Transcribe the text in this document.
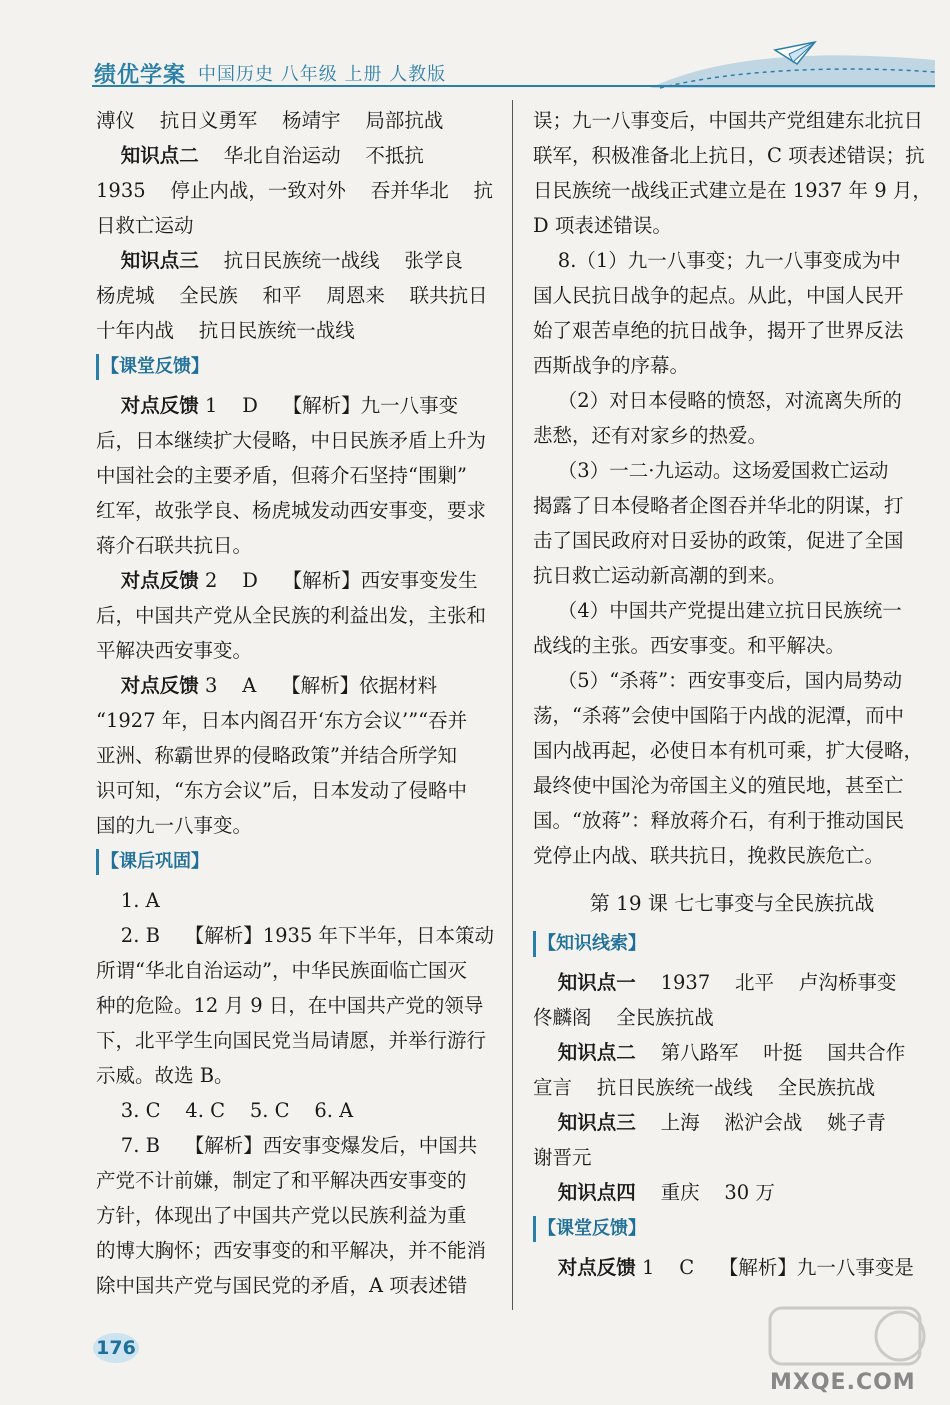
绩优学案 中国历史 八年级 上册 人教版
溥仪    抗日义勇军    杨靖宇    局部抗战
知识点二    华北自治运动    不抵抗
1935    停止内战，一致对外    吞并华北    抗
日救亡运动
知识点三    抗日民族统一战线    张学良
杨虎城    全民族    和平    周恩来    联共抗日
十年内战    抗日民族统一战线
【课堂反馈】
对点反馈 1    D    【解析】九一八事变
后，日本继续扩大侵略，中日民族矛盾上升为
中国社会的主要矛盾，但蒋介石坚持“围剿”
红军，故张学良、杨虎城发动西安事变，要求
蒋介石联共抗日。
对点反馈 2    D    【解析】西安事变发生
后，中国共产党从全民族的利益出发，主张和
平解决西安事变。
对点反馈 3    A    【解析】依据材料
“1927 年，日本内阁召开‘东方会议’”“吞并
亚洲、称霸世界的侵略政策”并结合所学知
识可知，“东方会议”后，日本发动了侵略中
国的九一八事变。
【课后巩固】
1. A
2. B    【解析】1935 年下半年，日本策动
所谓“华北自治运动”，中华民族面临亡国灭
种的危险。12 月 9 日，在中国共产党的领导
下，北平学生向国民党当局请愿，并举行游行
示威。故选 B。
3. C    4. C    5. C    6. A
7. B    【解析】西安事变爆发后，中国共
产党不计前嫌，制定了和平解决西安事变的
方针，体现出了中国共产党以民族利益为重
的博大胸怀；西安事变的和平解决，并不能消
除中国共产党与国民党的矛盾，A 项表述错
误；九一八事变后，中国共产党组建东北抗日
联军，积极准备北上抗日，C 项表述错误；抗
日民族统一战线正式建立是在 1937 年 9 月，
D 项表述错误。
8.（1）九一八事变；九一八事变成为中
国人民抗日战争的起点。从此，中国人民开
始了艰苦卓绝的抗日战争，揭开了世界反法
西斯战争的序幕。
（2）对日本侵略的愤怒，对流离失所的
悲愁，还有对家乡的热爱。
（3）一二·九运动。这场爱国救亡运动
揭露了日本侵略者企图吞并华北的阴谋，打
击了国民政府对日妥协的政策，促进了全国
抗日救亡运动新高潮的到来。
（4）中国共产党提出建立抗日民族统一
战线的主张。西安事变。和平解决。
（5）“杀蒋”：西安事变后，国内局势动
荡，“杀蒋”会使中国陷于内战的泥潭，而中
国内战再起，必使日本有机可乘，扩大侵略，
最终使中国沦为帝国主义的殖民地，甚至亡
国。“放蒋”：释放蒋介石，有利于推动国民
党停止内战、联共抗日，挽救民族危亡。
第 19 课 七七事变与全民族抗战
【知识线索】
知识点一    1937    北平    卢沟桥事变
佟麟阁    全民族抗战
知识点二    第八路军    叶挺    国共合作
宣言    抗日民族统一战线    全民族抗战
知识点三    上海    淞沪会战    姚子青
谢晋元
知识点四    重庆    30 万
【课堂反馈】
对点反馈 1    C    【解析】九一八事变是
176
MXQE.COM
